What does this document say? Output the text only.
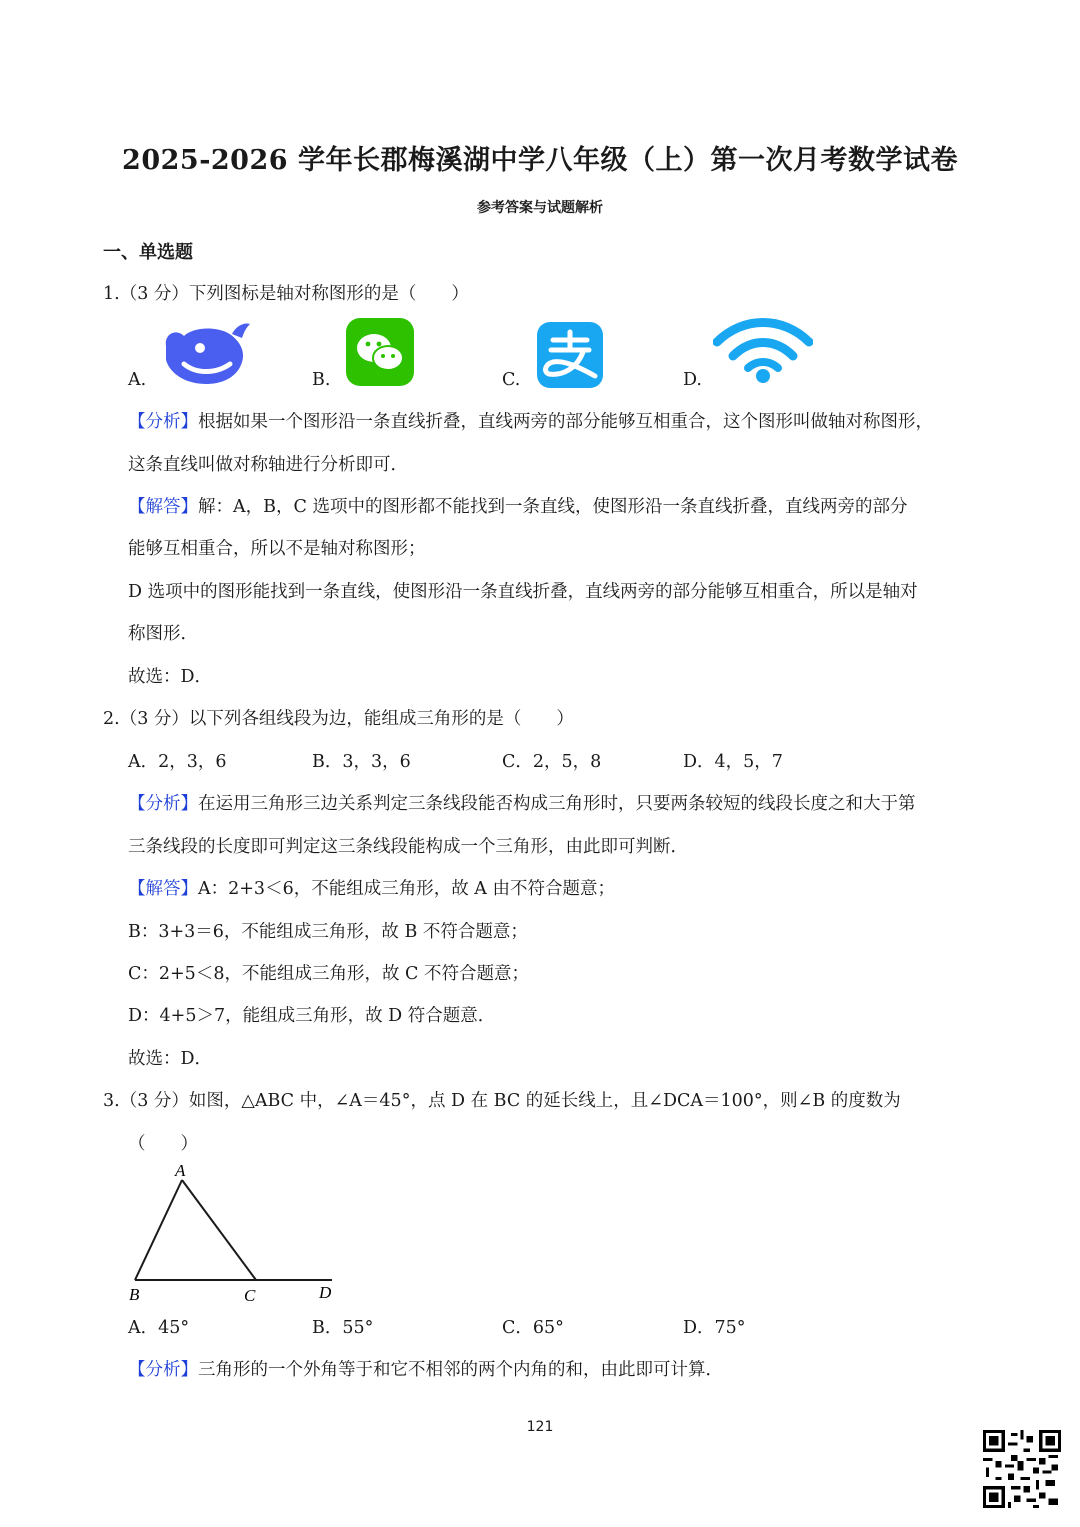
2025-2026 学年长郡梅溪湖中学八年级（上）第一次月考数学试卷
参考答案与试题解析
一、单选题
1.（3 分）下列图标是轴对称图形的是（　　）
A.	B.	C.	D.
【分析】根据如果一个图形沿一条直线折叠，直线两旁的部分能够互相重合，这个图形叫做轴对称图形，
这条直线叫做对称轴进行分析即可．
【解答】解：A，B，C 选项中的图形都不能找到一条直线，使图形沿一条直线折叠，直线两旁的部分
能够互相重合，所以不是轴对称图形；
D 选项中的图形能找到一条直线，使图形沿一条直线折叠，直线两旁的部分能够互相重合，所以是轴对
称图形．
故选：D．
2.（3 分）以下列各组线段为边，能组成三角形的是（　　）
A．2，3，6	B．3，3，6	C．2，5，8	D．4，5，7
【分析】在运用三角形三边关系判定三条线段能否构成三角形时，只要两条较短的线段长度之和大于第
三条线段的长度即可判定这三条线段能构成一个三角形，由此即可判断．
【解答】A：2+3＜6，不能组成三角形，故 A 由不符合题意；
B：3+3＝6，不能组成三角形，故 B 不符合题意；
C：2+5＜8，不能组成三角形，故 C 不符合题意；
D：4+5＞7，能组成三角形，故 D 符合题意．
故选：D．
3.（3 分）如图，△ABC 中，∠A＝45°，点 D 在 BC 的延长线上，且∠DCA＝100°，则∠B 的度数为
（　　）
A
B	C	D
A．45°	B．55°	C．65°	D．75°
【分析】三角形的一个外角等于和它不相邻的两个内角的和，由此即可计算．
121
